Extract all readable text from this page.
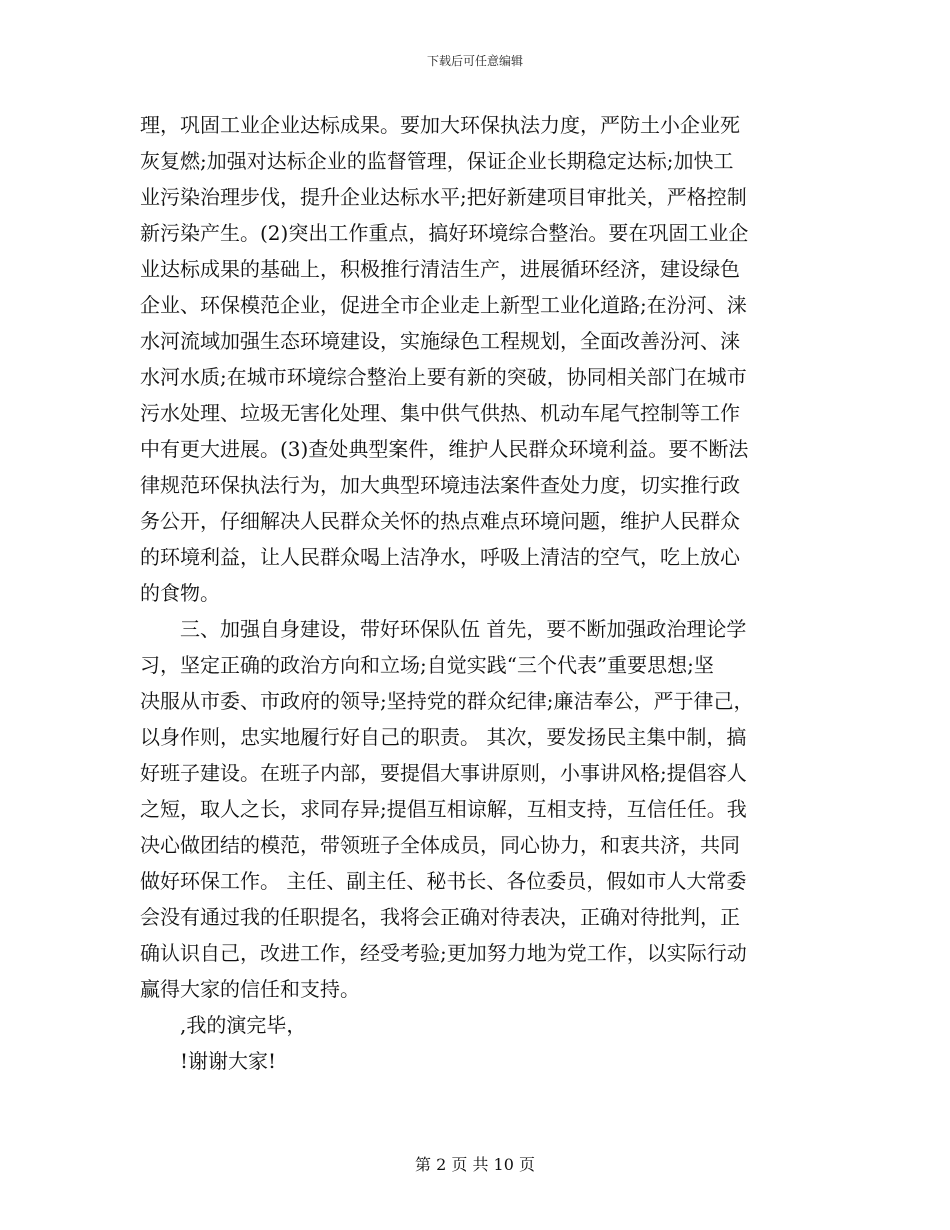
下载后可任意编辑
理，巩固工业企业达标成果。要加大环保执法力度，严防土小企业死
灰复燃;加强对达标企业的监督管理，保证企业长期稳定达标;加快工
业污染治理步伐，提升企业达标水平;把好新建项目审批关，严格控制
新污染产生。(2)突出工作重点，搞好环境综合整治。要在巩固工业企
业达标成果的基础上，积极推行清洁生产，进展循环经济，建设绿色
企业、环保模范企业，促进全市企业走上新型工业化道路;在汾河、涞
水河流域加强生态环境建设，实施绿色工程规划，全面改善汾河、涞
水河水质;在城市环境综合整治上要有新的突破，协同相关部门在城市
污水处理、垃圾无害化处理、集中供气供热、机动车尾气控制等工作
中有更大进展。(3)查处典型案件，维护人民群众环境利益。要不断法
律规范环保执法行为，加大典型环境违法案件查处力度，切实推行政
务公开，仔细解决人民群众关怀的热点难点环境问题，维护人民群众
的环境利益，让人民群众喝上洁净水，呼吸上清洁的空气，吃上放心
的食物。
三、加强自身建设，带好环保队伍 首先，要不断加强政治理论学
习，坚定正确的政治方向和立场;自觉实践“三个代表”重要思想;坚
决服从市委、市政府的领导;坚持党的群众纪律;廉洁奉公，严于律己，
以身作则，忠实地履行好自己的职责。 其次，要发扬民主集中制，搞
好班子建设。在班子内部，要提倡大事讲原则，小事讲风格;提倡容人
之短，取人之长，求同存异;提倡互相谅解，互相支持，互信任任。我
决心做团结的模范，带领班子全体成员，同心协力，和衷共济，共同
做好环保工作。 主任、副主任、秘书长、各位委员，假如市人大常委
会没有通过我的任职提名，我将会正确对待表决，正确对待批判，正
确认识自己，改进工作，经受考验;更加努力地为党工作，以实际行动
赢得大家的信任和支持。
,我的演完毕，
!谢谢大家!
第 2 页 共 10 页
